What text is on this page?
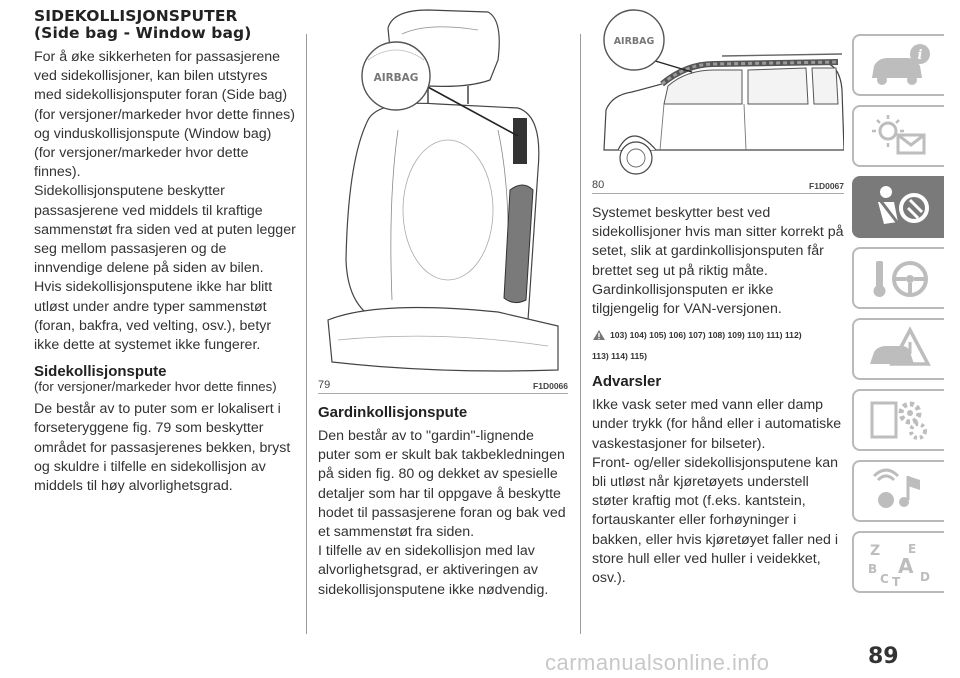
SIDEKOLLISJONSPUTER
(Side bag - Window bag)

For å øke sikkerheten for passasjerene ved sidekollisjoner, kan bilen utstyres med sidekollisjonsputer foran (Side bag) (for versjoner/markeder hvor dette finnes) og vinduskollisjonspute (Window bag) (for versjoner/markeder hvor dette finnes).

Sidekollisjonsputene beskytter passasjerene ved middels til kraftige sammenstøt fra siden ved at puten legger seg mellom passasjeren og de innvendige delene på siden av bilen.

Hvis sidekollisjonsputene ikke har blitt utløst under andre typer sammenstøt (foran, bakfra, ved velting, osv.), betyr ikke dette at systemet ikke fungerer.

Sidekollisjonspute

(for versjoner/markeder hvor dette finnes)

De består av to puter som er lokalisert i forseteryggene fig. 79 som beskytter området for passasjerenes bekken, bryst og skuldre i tilfelle en sidekollisjon av middels til høy alvorlighetsgrad.

AIRBAG
79	F1D0066

Gardinkollisjonspute

Den består av to "gardin"-lignende puter som er skult bak takbekledningen på siden fig. 80 og dekket av spesielle detaljer som har til oppgave å beskytte hodet til passasjerene foran og bak ved et sammenstøt fra siden.

I tilfelle av en sidekollisjon med lav alvorlighetsgrad, er aktiveringen av sidekollisjonsputene ikke nødvendig.

AIRBAG
80	F1D0067

Systemet beskytter best ved sidekollisjoner hvis man sitter korrekt på setet, slik at gardinkollisjonsputen får brettet seg ut på riktig måte.

Gardinkollisjonsputen er ikke tilgjengelig for VAN-versjonen.

103) 104) 105) 106) 107) 108) 109) 110) 111) 112)
113) 114) 115)

Advarsler

Ikke vask seter med vann eller damp under trykk (for hånd eller i automatiske vaskestasjoner for bilseter).

Front- og/eller sidekollisjonsputene kan bli utløst når kjøretøyets understell støter kraftig mot (f.eks. kantstein, fortauskanter eller forhøyninger i bakken, eller hvis kjøretøyet faller ned i store hull eller ved huller i veidekket, osv.).

i
Z E
A
B
C	D
T
89
carmanualsonline.info
